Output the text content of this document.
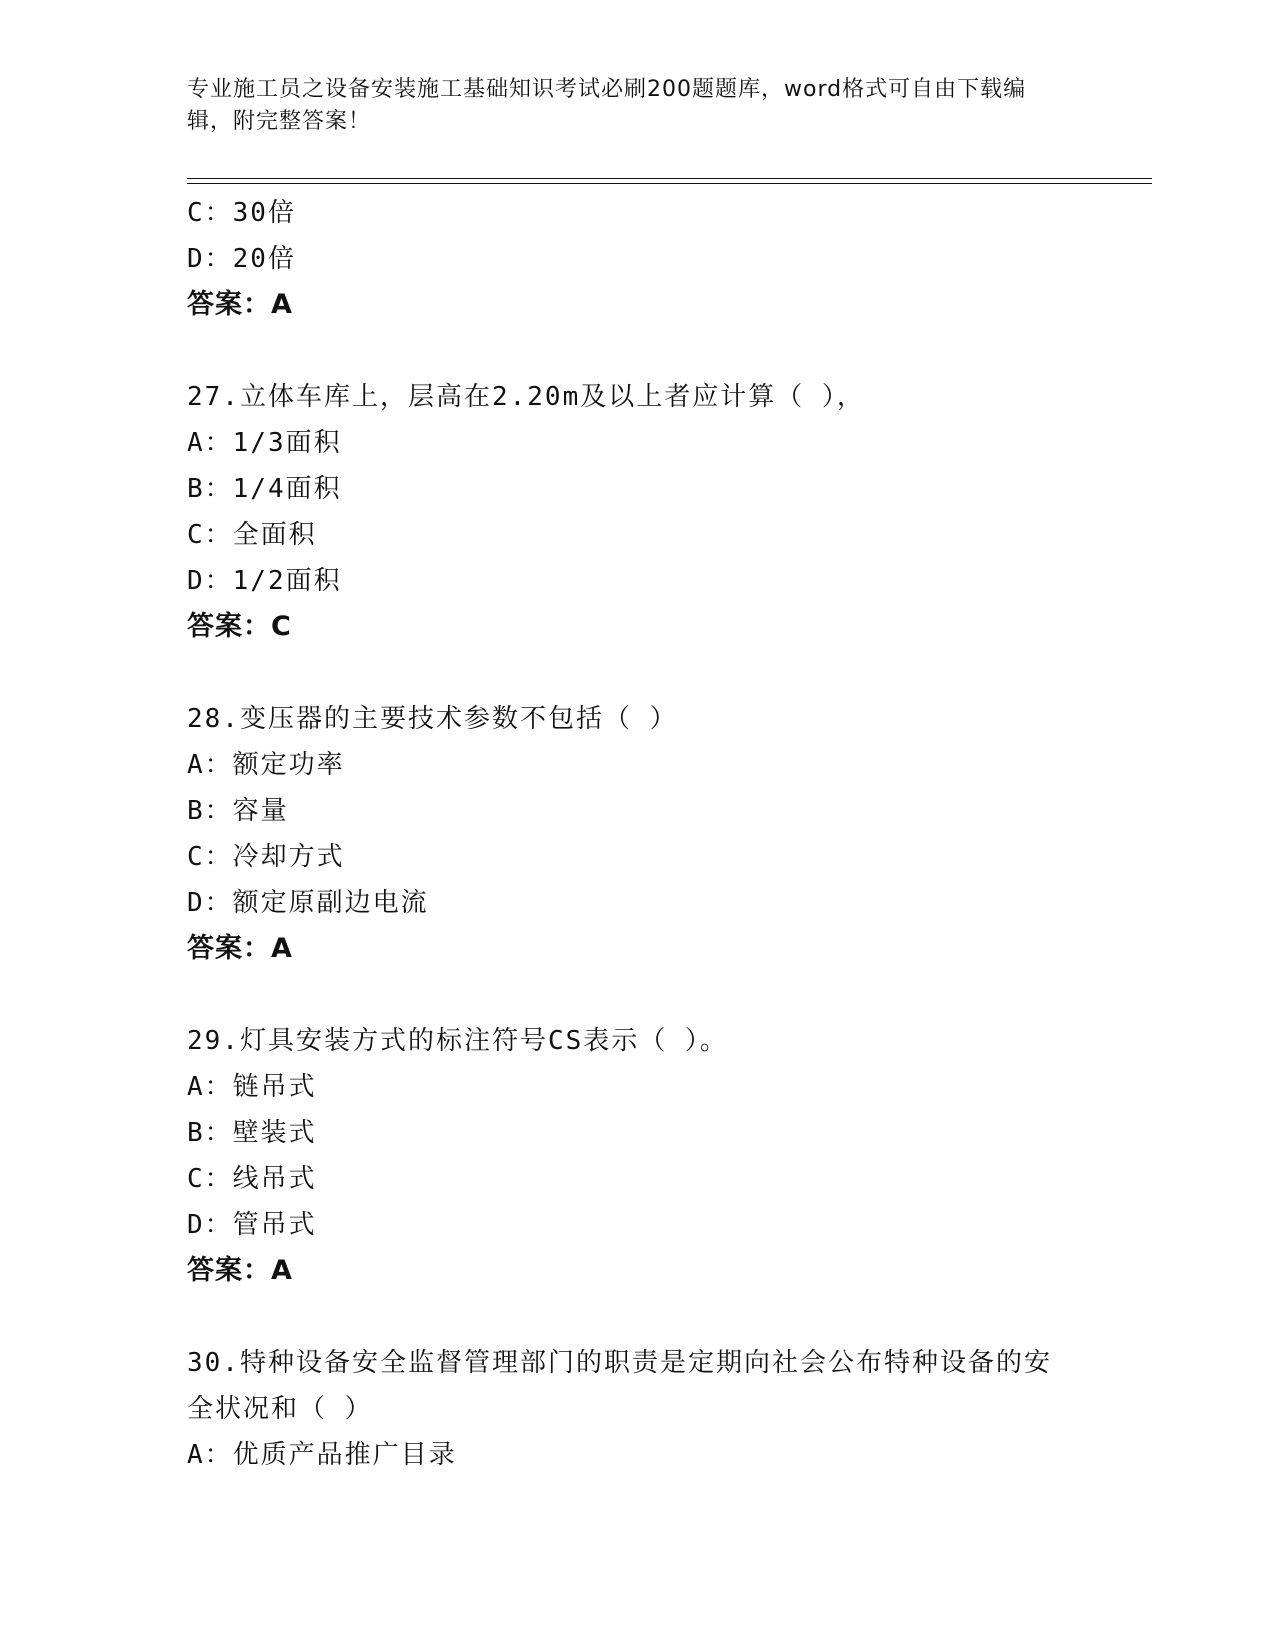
专业施工员之设备安装施工基础知识考试必刷200题题库，word格式可自由下载编辑，附完整答案！
C：30倍
D：20倍
答案：A
27.立体车库上，层高在2.20m及以上者应计算（ ），
A：1/3面积
B：1/4面积
C：全面积
D：1/2面积
答案：C
28.变压器的主要技术参数不包括（ ）
A：额定功率
B：容量
C：冷却方式
D：额定原副边电流
答案：A
29.灯具安装方式的标注符号CS表示（ ）。
A：链吊式
B：壁装式
C：线吊式
D：管吊式
答案：A
30.特种设备安全监督管理部门的职责是定期向社会公布特种设备的安全状况和（ ）
A：优质产品推广目录
